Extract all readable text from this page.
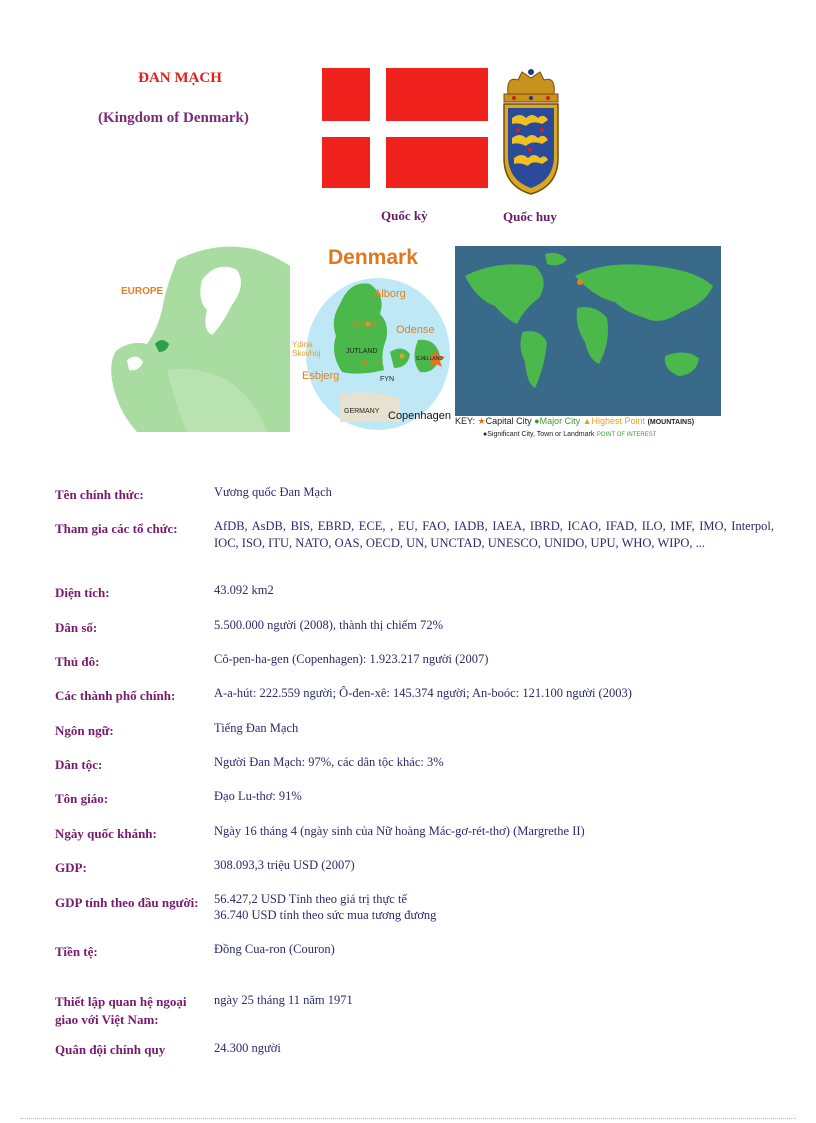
ĐAN MẠCH
(Kingdom of Denmark)
Quốc kỳ	Quốc huy
EUROPE
Denmark
Alborg
Arhus Odense
Ydina Skovhoj	JUTLAND
Vejle
Esbjerg	FYN
SJÆLLAND
GERMANY Copenhagen KEY: ★Capital City ●Major City ▲Highest Point (MOUNTAINS)
●Significant City, Town or Landmark POINT OF INTEREST
Tên chính thức:	Vương quốc Đan Mạch
Tham gia các tổ chức:	AfDB, AsDB, BIS, EBRD, ECE, , EU, FAO, IADB, IAEA, IBRD, ICAO, IFAD, ILO, IMF, IMO, Interpol, IOC, ISO, ITU, NATO, OAS, OECD, UN, UNCTAD, UNESCO, UNIDO, UPU, WHO, WIPO, ...
Diện tích:	43.092 km2
Dân số:	5.500.000 người (2008), thành thị chiếm 72%
Thủ đô:	Cô-pen-ha-gen (Copenhagen): 1.923.217 người (2007)
Các thành phố chính:	A-a-hút: 222.559 người; Ô-đen-xê: 145.374 người; An-boóc: 121.100 người (2003)
Ngôn ngữ:	Tiếng Đan Mạch
Dân tộc:	Người Đan Mạch: 97%, các dân tộc khác: 3%
Tôn giáo:	Đạo Lu-thơ: 91%
Ngày quốc khánh:	Ngày 16 tháng 4 (ngày sinh của Nữ hoàng Mác-gơ-rét-thơ) (Margrethe II)
GDP:	308.093,3 triệu USD (2007)
GDP tính theo đầu người:	56.427,2 USD Tính theo giá trị thực tế
36.740 USD tính theo sức mua tương đương
Tiền tệ:	Đồng Cua-ron (Couron)
Thiết lập quan hệ ngoại giao với Việt Nam:
ngày 25 tháng 11 năm 1971
Quân đội chính quy	24.300 người
